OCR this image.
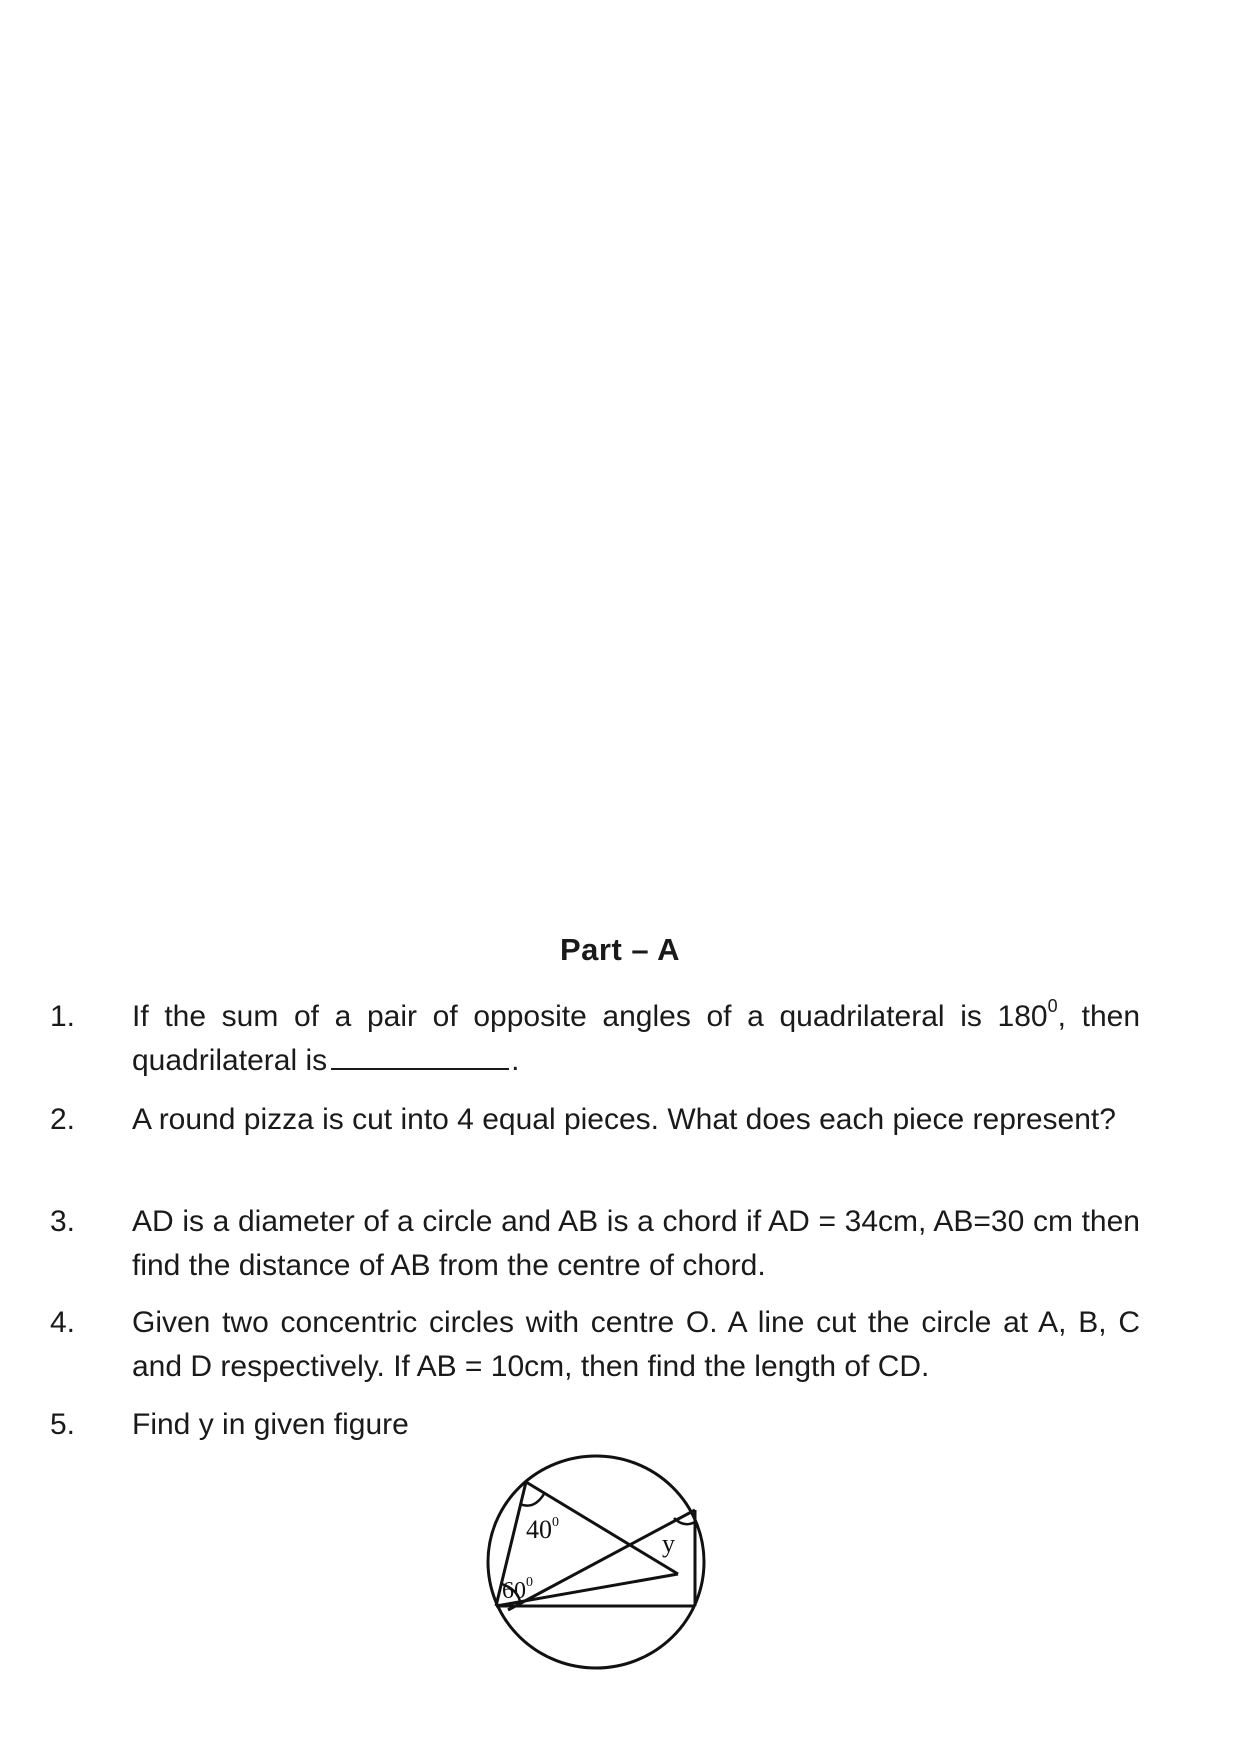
Part – A
1.	If the sum of a pair of opposite angles of a quadrilateral is $180^0$, then quadrilateral is	.
2.	A round pizza is cut into 4 equal pieces. What does each piece represent?
3.	AD is a diameter of a circle and AB is a chord if AD = 34cm, AB=30 cm then find the distance of AB from the centre of chord.
4.	Given two concentric circles with centre O. A line cut the circle at A, B, C and D respectively. If AB = 10cm, then find the length of CD.
5.	Find y in given figure
$40^0$
$60^0$
y
